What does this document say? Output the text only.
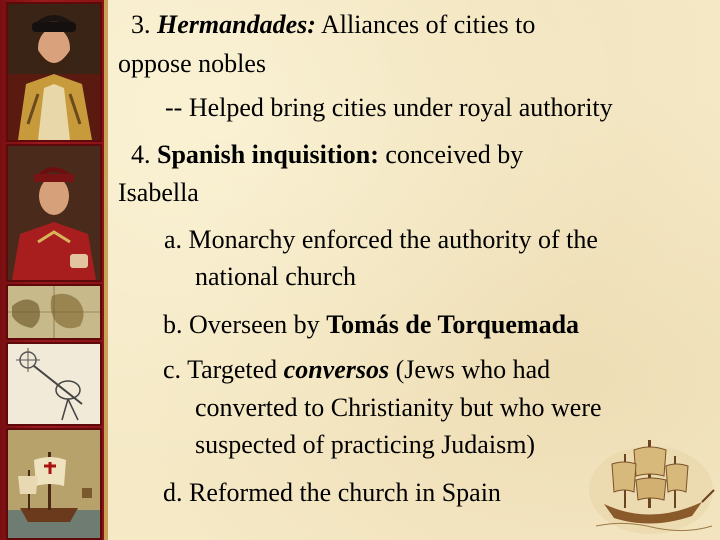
3. Hermandades: Alliances of cities to
oppose nobles
-- Helped bring cities under royal authority
4. Spanish inquisition: conceived by
Isabella
a. Monarchy enforced the authority of the
national church
b. Overseen by Tomás de Torquemada
c. Targeted conversos (Jews who had
converted to Christianity but who were
suspected of practicing Judaism)
d. Reformed the church in Spain
